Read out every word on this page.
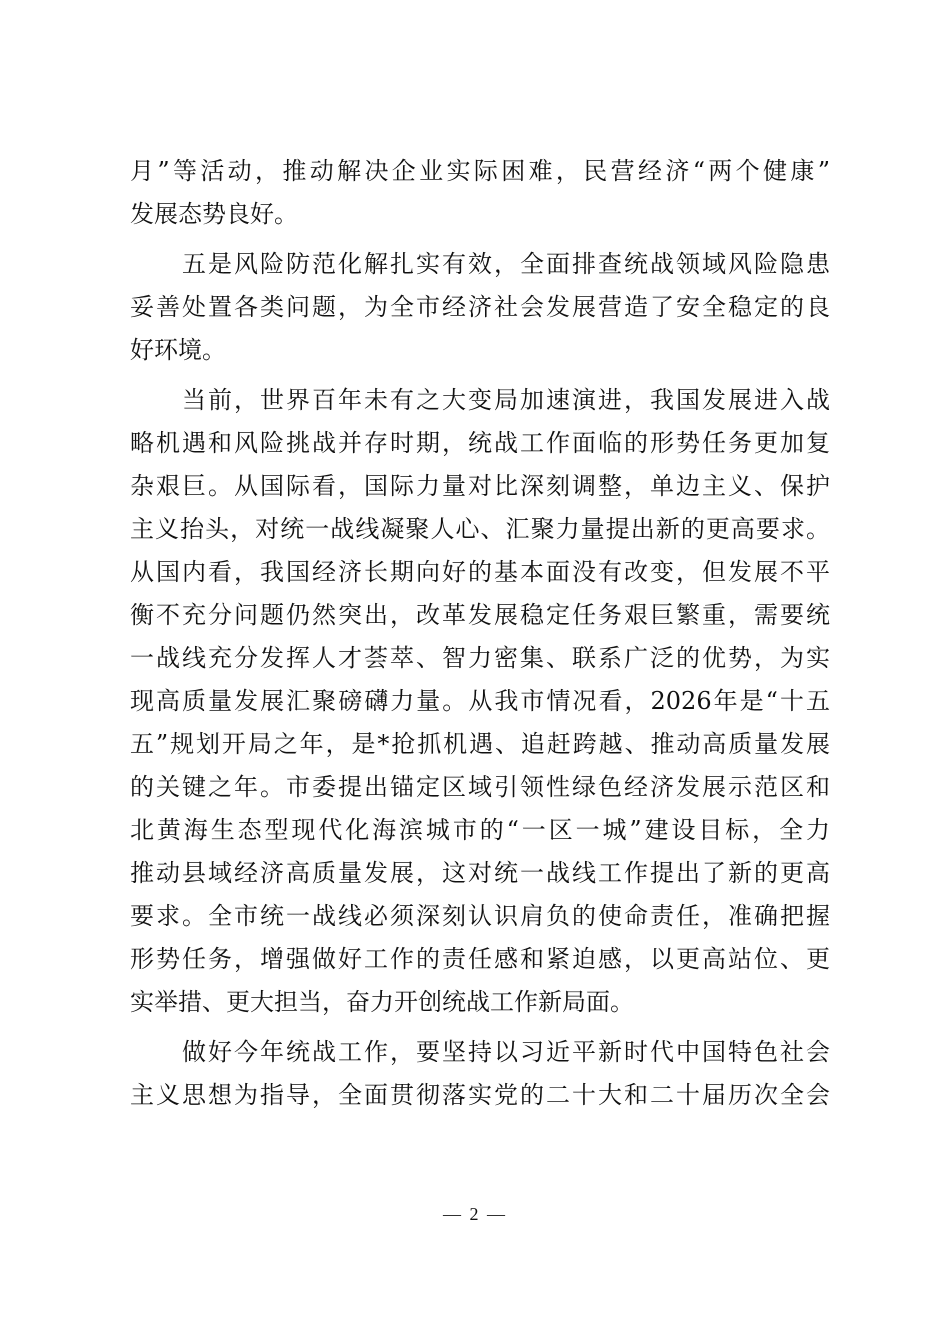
月”等活动，推动解决企业实际困难，民营经济“两个健康”
发展态势良好。
　　五是风险防范化解扎实有效，全面排查统战领域风险隐患
妥善处置各类问题，为全市经济社会发展营造了安全稳定的良
好环境。
　　当前，世界百年未有之大变局加速演进，我国发展进入战
略机遇和风险挑战并存时期，统战工作面临的形势任务更加复
杂艰巨。从国际看，国际力量对比深刻调整，单边主义、保护
主义抬头，对统一战线凝聚人心、汇聚力量提出新的更高要求。
从国内看，我国经济长期向好的基本面没有改变，但发展不平
衡不充分问题仍然突出，改革发展稳定任务艰巨繁重，需要统
一战线充分发挥人才荟萃、智力密集、联系广泛的优势，为实
现高质量发展汇聚磅礴力量。从我市情况看，2026年是“十五
五”规划开局之年，是*抢抓机遇、追赶跨越、推动高质量发展
的关键之年。市委提出锚定区域引领性绿色经济发展示范区和
北黄海生态型现代化海滨城市的“一区一城”建设目标，全力
推动县域经济高质量发展，这对统一战线工作提出了新的更高
要求。全市统一战线必须深刻认识肩负的使命责任，准确把握
形势任务，增强做好工作的责任感和紧迫感，以更高站位、更
实举措、更大担当，奋力开创统战工作新局面。
　　做好今年统战工作，要坚持以习近平新时代中国特色社会
主义思想为指导，全面贯彻落实党的二十大和二十届历次全会
— 2 —
